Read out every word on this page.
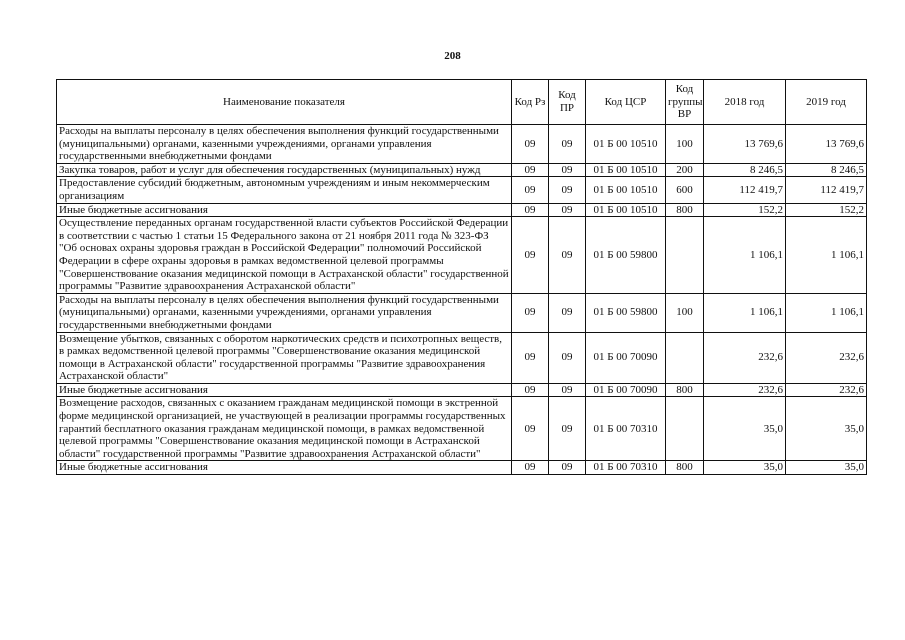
208
Наименование показателя	Код Рз	Код ПР	Код ЦСР	Код группы ВР	2018 год	2019 год
Расходы на выплаты персоналу в целях обеспечения выполнения функций государственными (муниципальными) органами, казенными учреждениями, органами управления государственными внебюджетными фондами	09	09	01 Б 00 10510	100	13 769,6	13 769,6
Закупка товаров, работ и услуг для обеспечения государственных (муниципальных) нужд	09	09	01 Б 00 10510	200	8 246,5	8 246,5
Предоставление субсидий бюджетным, автономным учреждениям и иным некоммерческим организациям	09	09	01 Б 00 10510	600	112 419,7	112 419,7
Иные бюджетные ассигнования	09	09	01 Б 00 10510	800	152,2	152,2
Осуществление переданных органам государственной власти субъектов Российской Федерации в соответствии с частью 1 статьи 15 Федерального закона от 21 ноября 2011 года № 323-ФЗ "Об основах охраны здоровья граждан в Российской Федерации" полномочий Российской Федерации в сфере охраны здоровья в рамках ведомственной целевой программы "Совершенствование оказания медицинской помощи в Астраханской области" государственной программы "Развитие здравоохранения Астраханской области"	09	09	01 Б 00 59800		1 106,1	1 106,1
Расходы на выплаты персоналу в целях обеспечения выполнения функций государственными (муниципальными) органами, казенными учреждениями, органами управления государственными внебюджетными фондами	09	09	01 Б 00 59800	100	1 106,1	1 106,1
Возмещение убытков, связанных с оборотом наркотических средств и психотропных веществ, в рамках ведомственной целевой программы "Совершенствование оказания медицинской помощи в Астраханской области" государственной программы "Развитие здравоохранения Астраханской области"	09	09	01 Б 00 70090		232,6	232,6
Иные бюджетные ассигнования	09	09	01 Б 00 70090	800	232,6	232,6
Возмещение расходов, связанных с оказанием гражданам медицинской помощи в экстренной форме медицинской организацией, не участвующей в реализации программы государственных гарантий бесплатного оказания гражданам медицинской помощи, в рамках ведомственной целевой программы "Совершенствование оказания медицинской помощи в Астраханской области" государственной программы "Развитие здравоохранения Астраханской области"	09	09	01 Б 00 70310		35,0	35,0
Иные бюджетные ассигнования	09	09	01 Б 00 70310	800	35,0	35,0
